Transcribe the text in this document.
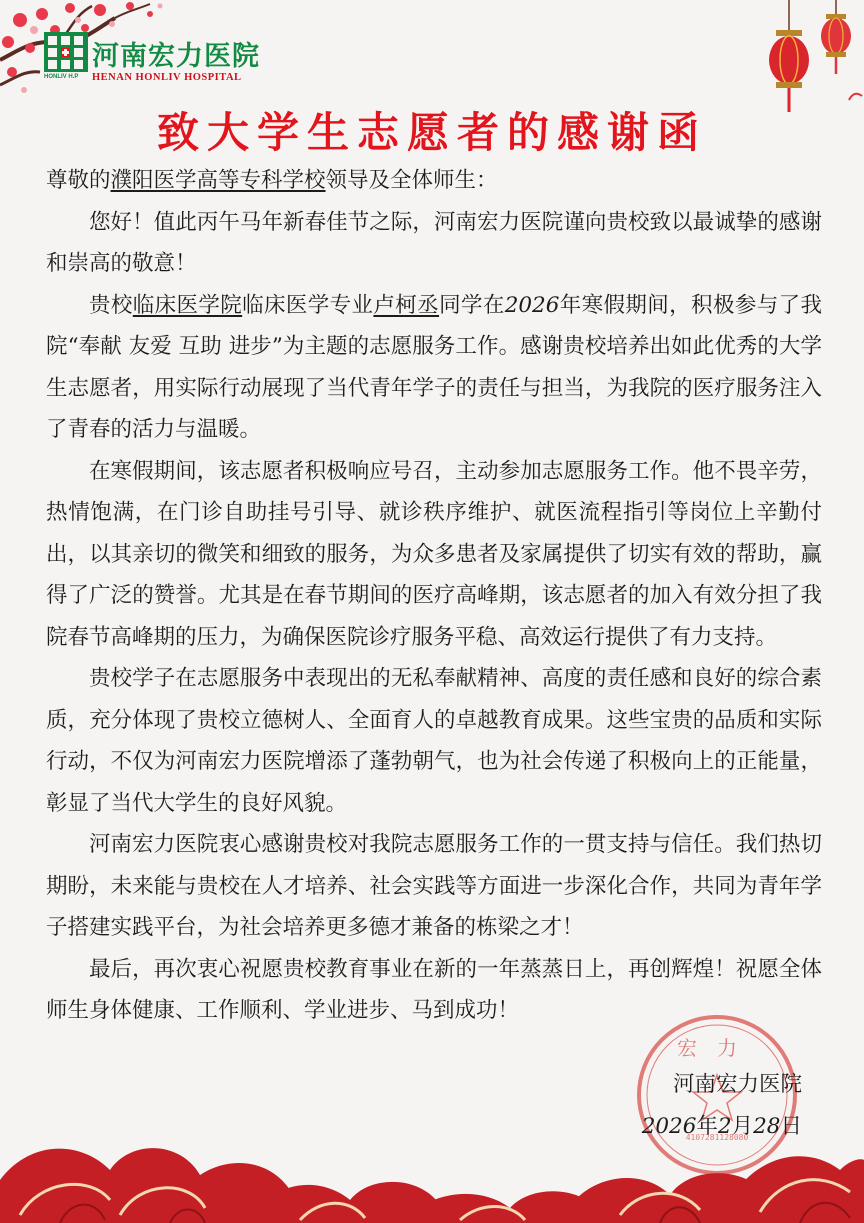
河南宏力医院
HONLIV H.P HENAN HONLIV HOSPITAL
致大学生志愿者的感谢函

尊敬的濮阳医学高等专科学校领导及全体师生：

您好！值此丙午马年新春佳节之际，河南宏力医院谨向贵校致以最诚挚的感谢和崇高的敬意！

贵校临床医学院临床医学专业卢柯丞同学在2026年寒假期间，积极参与了我院“奉献 友爱 互助 进步”为主题的志愿服务工作。感谢贵校培养出如此优秀的大学生志愿者，用实际行动展现了当代青年学子的责任与担当，为我院的医疗服务注入了青春的活力与温暖。

在寒假期间，该志愿者积极响应号召，主动参加志愿服务工作。他不畏辛劳，热情饱满，在门诊自助挂号引导、就诊秩序维护、就医流程指引等岗位上辛勤付出，以其亲切的微笑和细致的服务，为众多患者及家属提供了切实有效的帮助，赢得了广泛的赞誉。尤其是在春节期间的医疗高峰期，该志愿者的加入有效分担了我院春节高峰期的压力，为确保医院诊疗服务平稳、高效运行提供了有力支持。

贵校学子在志愿服务中表现出的无私奉献精神、高度的责任感和良好的综合素质，充分体现了贵校立德树人、全面育人的卓越教育成果。这些宝贵的品质和实际行动，不仅为河南宏力医院增添了蓬勃朝气，也为社会传递了积极向上的正能量，彰显了当代大学生的良好风貌。

河南宏力医院衷心感谢贵校对我院志愿服务工作的一贯支持与信任。我们热切期盼，未来能与贵校在人才培养、社会实践等方面进一步深化合作，共同为青年学子搭建实践平台，为社会培养更多德才兼备的栋梁之才！

最后，再次衷心祝愿贵校教育事业在新的一年蒸蒸日上，再创辉煌！祝愿全体师生身体健康、工作顺利、学业进步、马到成功！

宏力
4107281128080
河南宏力医院
2026年2月28日
